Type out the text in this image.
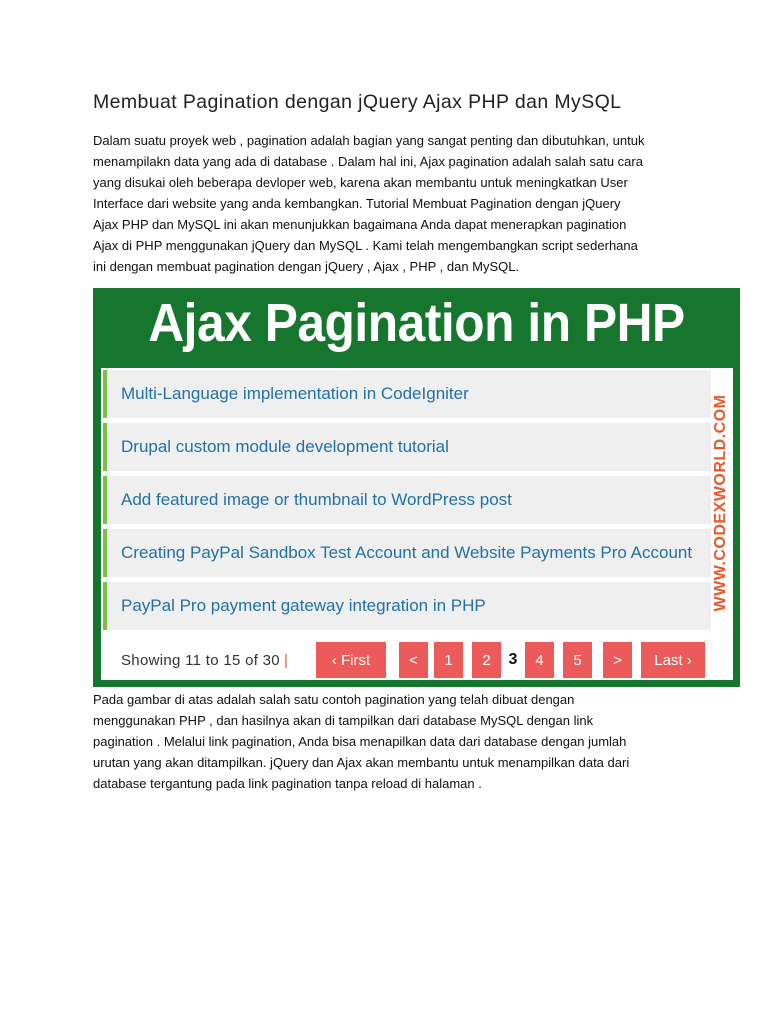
Membuat Pagination dengan jQuery Ajax PHP dan MySQL
Dalam suatu proyek web , pagination adalah bagian yang sangat penting dan dibutuhkan, untuk
menampilakn data yang ada di database . Dalam hal ini, Ajax pagination adalah salah satu cara
yang disukai oleh beberapa devloper web, karena akan membantu untuk meningkatkan User
Interface dari website yang anda kembangkan. Tutorial Membuat Pagination dengan jQuery
Ajax PHP dan MySQL ini akan menunjukkan bagaimana Anda dapat menerapkan pagination
Ajax di PHP menggunakan jQuery dan MySQL . Kami telah mengembangkan script sederhana
ini dengan membuat pagination dengan jQuery , Ajax , PHP , dan MySQL.
Ajax Pagination in PHP
Multi-Language implementation in CodeIgniter
Drupal custom module development tutorial
Add featured image or thumbnail to WordPress post
Creating PayPal Sandbox Test Account and Website Payments Pro Account
PayPal Pro payment gateway integration in PHP	WWW.CODEXWORLD.COM
Showing 11 to 15 of 30 |	‹ First	<	1	2	3	4	5	>	Last ›
Pada gambar di atas adalah salah satu contoh pagination yang telah dibuat dengan
menggunakan PHP , dan hasilnya akan di tampilkan dari database MySQL dengan link
pagination . Melalui link pagination, Anda bisa menapilkan data dari database dengan jumlah
urutan yang akan ditampilkan. jQuery dan Ajax akan membantu untuk menampilkan data dari
database tergantung pada link pagination tanpa reload di halaman .
